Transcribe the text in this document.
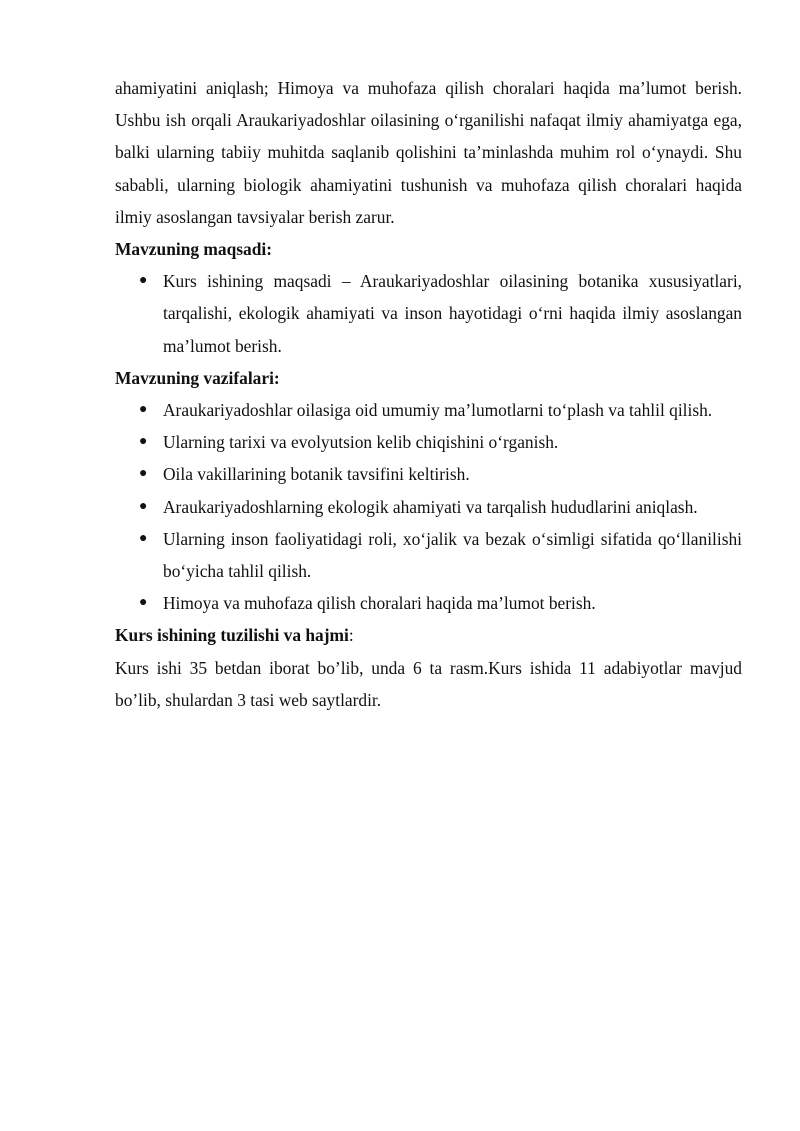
ahamiyatini aniqlash; Himoya va muhofaza qilish choralari haqida ma’lumot berish. Ushbu ish orqali Araukariyadoshlar oilasining o‘rganilishi nafaqat ilmiy ahamiyatga ega, balki ularning tabiiy muhitda saqlanib qolishini ta’minlashda muhim rol o‘ynaydi. Shu sababli, ularning biologik ahamiyatini tushunish va muhofaza qilish choralari haqida ilmiy asoslangan tavsiyalar berish zarur.

Mavzuning maqsadi:

● Kurs ishining maqsadi – Araukariyadoshlar oilasining botanika xususiyatlari, tarqalishi, ekologik ahamiyati va inson hayotidagi o‘rni haqida ilmiy asoslangan ma’lumot berish.

Mavzuning vazifalari:

● Araukariyadoshlar oilasiga oid umumiy ma’lumotlarni to‘plash va tahlil qilish.
● Ularning tarixi va evolyutsion kelib chiqishini o‘rganish.
● Oila vakillarining botanik tavsifini keltirish.
● Araukariyadoshlarning ekologik ahamiyati va tarqalish hududlarini aniqlash.
● Ularning inson faoliyatidagi roli, xo‘jalik va bezak o‘simligi sifatida qo‘llanilishi bo‘yicha tahlil qilish.
● Himoya va muhofaza qilish choralari haqida ma’lumot berish.

Kurs ishining tuzilishi va hajmi:

Kurs ishi 35 betdan iborat bo’lib, unda 6 ta rasm.Kurs ishida 11 adabiyotlar mavjud bo’lib, shulardan 3 tasi web saytlardir.
